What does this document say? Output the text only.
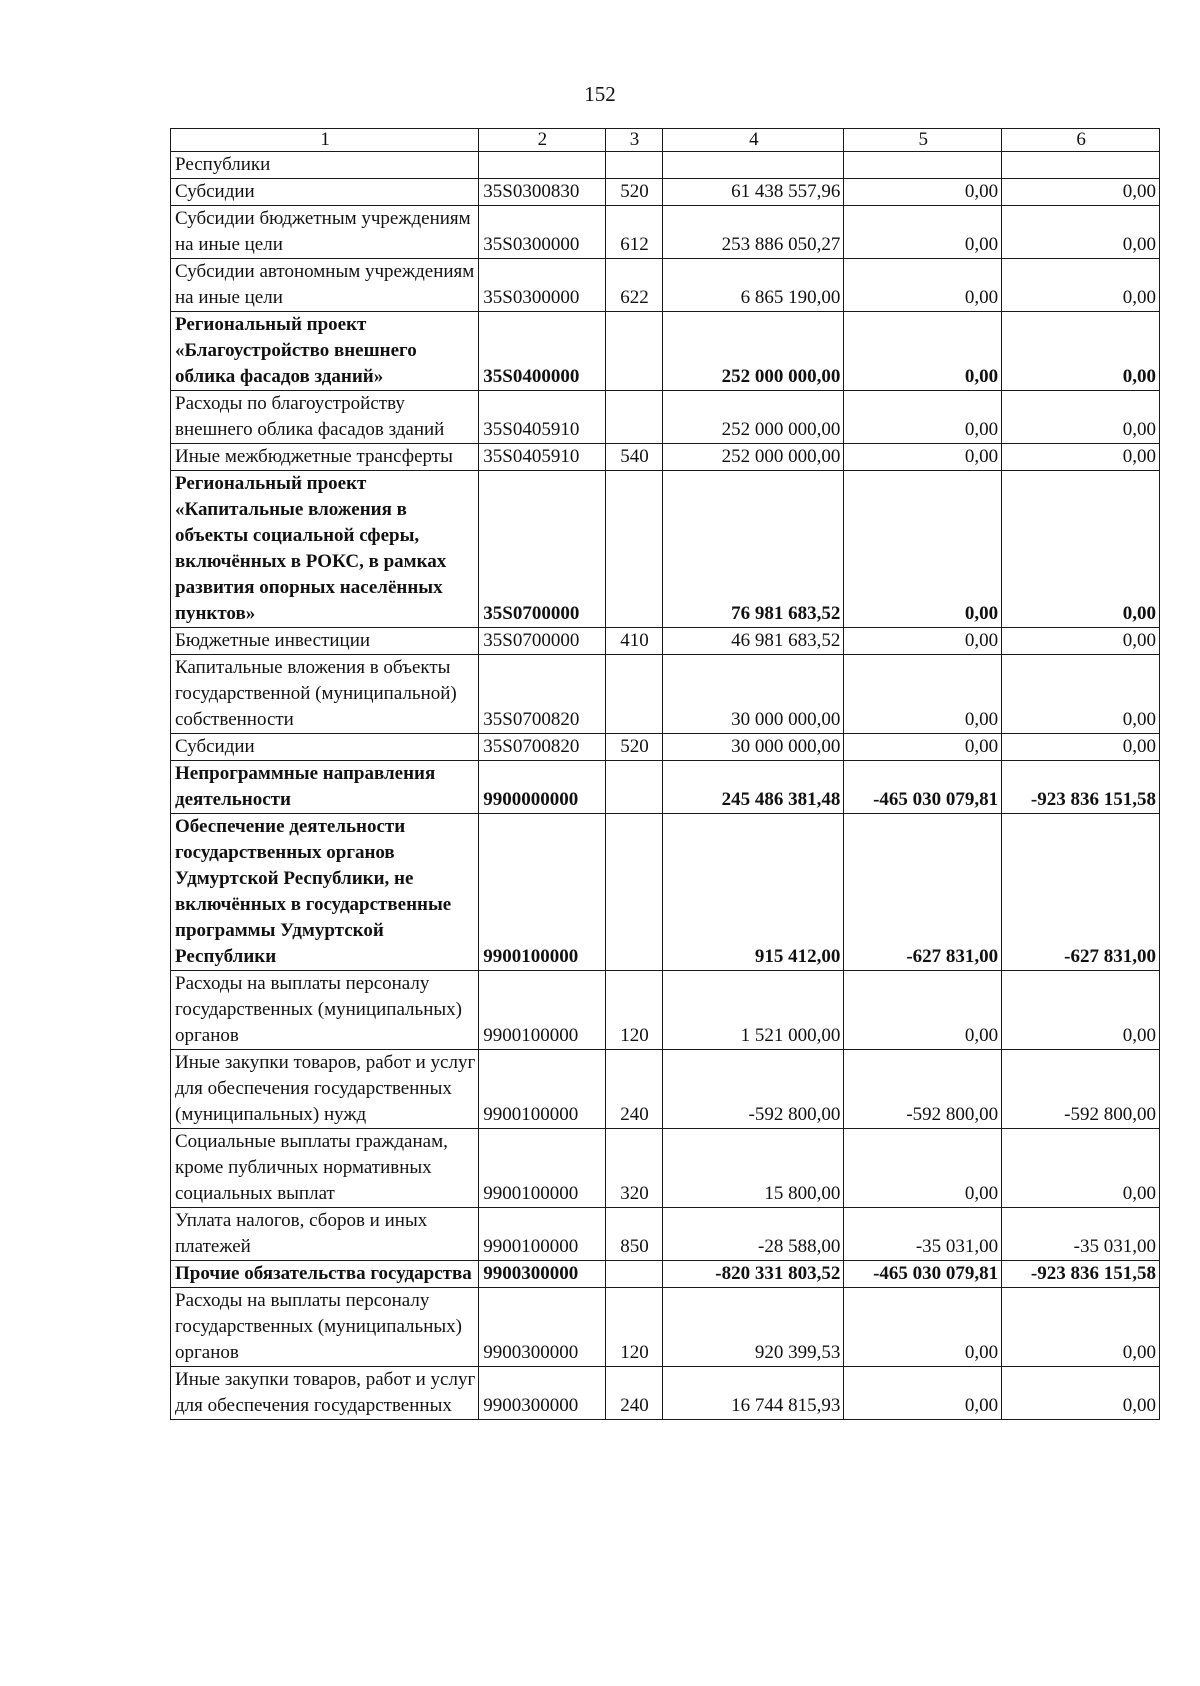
152
1	2	3	4	5	6
Республики					
Субсидии	35S0300830	520	61 438 557,96	0,00	0,00
Субсидии бюджетным учреждениям на иные цели	35S0300000	612	253 886 050,27	0,00	0,00
Субсидии автономным учреждениям на иные цели	35S0300000	622	6 865 190,00	0,00	0,00
Региональный проект «Благоустройство внешнего облика фасадов зданий»	35S0400000		252 000 000,00	0,00	0,00
Расходы по благоустройству внешнего облика фасадов зданий	35S0405910		252 000 000,00	0,00	0,00
Иные межбюджетные трансферты	35S0405910	540	252 000 000,00	0,00	0,00
Региональный проект «Капитальные вложения в объекты социальной сферы, включённых в РОКС, в рамках развития опорных населённых пунктов»	35S0700000		76 981 683,52	0,00	0,00
Бюджетные инвестиции	35S0700000	410	46 981 683,52	0,00	0,00
Капитальные вложения в объекты государственной (муниципальной) собственности	35S0700820		30 000 000,00	0,00	0,00
Субсидии	35S0700820	520	30 000 000,00	0,00	0,00
Непрограммные направления деятельности	9900000000		245 486 381,48	-465 030 079,81	-923 836 151,58
Обеспечение деятельности государственных органов Удмуртской Республики, не включённых в государственные программы Удмуртской Республики	9900100000		915 412,00	-627 831,00	-627 831,00
Расходы на выплаты персоналу государственных (муниципальных) органов	9900100000	120	1 521 000,00	0,00	0,00
Иные закупки товаров, работ и услуг для обеспечения государственных (муниципальных) нужд	9900100000	240	-592 800,00	-592 800,00	-592 800,00
Социальные выплаты гражданам, кроме публичных нормативных социальных выплат	9900100000	320	15 800,00	0,00	0,00
Уплата налогов, сборов и иных платежей	9900100000	850	-28 588,00	-35 031,00	-35 031,00
Прочие обязательства государства	9900300000		-820 331 803,52	-465 030 079,81	-923 836 151,58
Расходы на выплаты персоналу государственных (муниципальных) органов	9900300000	120	920 399,53	0,00	0,00
Иные закупки товаров, работ и услуг для обеспечения государственных	9900300000	240	16 744 815,93	0,00	0,00
